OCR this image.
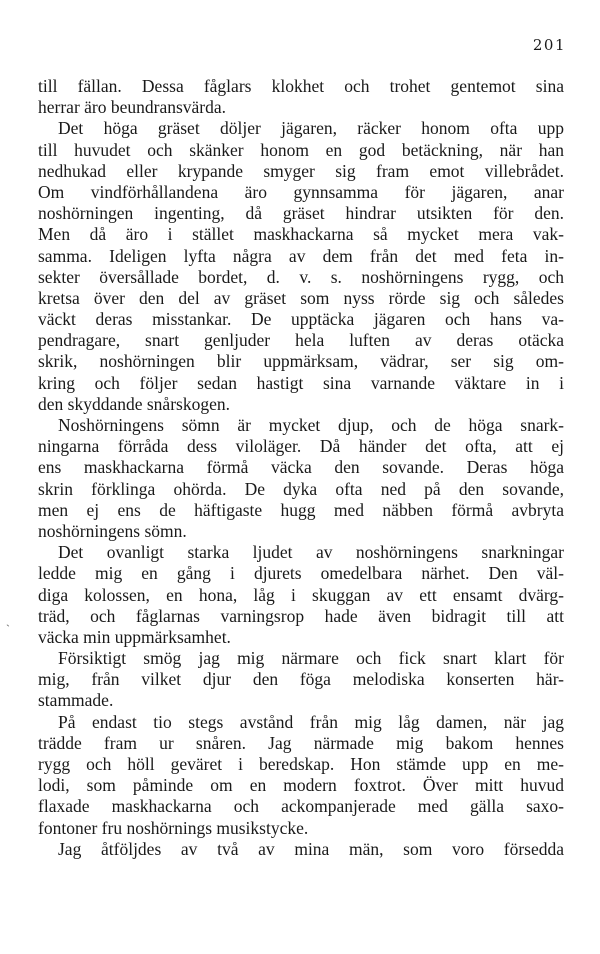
201
ˏ
till fällan. Dessa fåglars klokhet och trohet gentemot sina
herrar äro beundransvärda.
Det höga gräset döljer jägaren, räcker honom ofta upp
till huvudet och skänker honom en god betäckning, när han
nedhukad eller krypande smyger sig fram emot villebrådet.
Om vindförhållandena äro gynnsamma för jägaren, anar
noshörningen ingenting, då gräset hindrar utsikten för den.
Men då äro i stället maskhackarna så mycket mera vak-
samma. Ideligen lyfta några av dem från det med feta in-
sekter översållade bordet, d. v. s. noshörningens rygg, och
kretsa över den del av gräset som nyss rörde sig och således
väckt deras misstankar. De upptäcka jägaren och hans va-
pendragare, snart genljuder hela luften av deras otäcka
skrik, noshörningen blir uppmärksam, vädrar, ser sig om-
kring och följer sedan hastigt sina varnande väktare in i
den skyddande snårskogen.
Noshörningens sömn är mycket djup, och de höga snark-
ningarna förråda dess viloläger. Då händer det ofta, att ej
ens maskhackarna förmå väcka den sovande. Deras höga
skrin förklinga ohörda. De dyka ofta ned på den sovande,
men ej ens de häftigaste hugg med näbben förmå avbryta
noshörningens sömn.
Det ovanligt starka ljudet av noshörningens snarkningar
ledde mig en gång i djurets omedelbara närhet. Den väl-
diga kolossen, en hona, låg i skuggan av ett ensamt dvärg-
träd, och fåglarnas varningsrop hade även bidragit till att
väcka min uppmärksamhet.
Försiktigt smög jag mig närmare och fick snart klart för
mig, från vilket djur den föga melodiska konserten här-
stammade.
På endast tio stegs avstånd från mig låg damen, när jag
trädde fram ur snåren. Jag närmade mig bakom hennes
rygg och höll geväret i beredskap. Hon stämde upp en me-
lodi, som påminde om en modern foxtrot. Över mitt huvud
flaxade maskhackarna och ackompanjerade med gälla saxo-
fontoner fru noshörnings musikstycke.
Jag åtföljdes av två av mina män, som voro försedda
